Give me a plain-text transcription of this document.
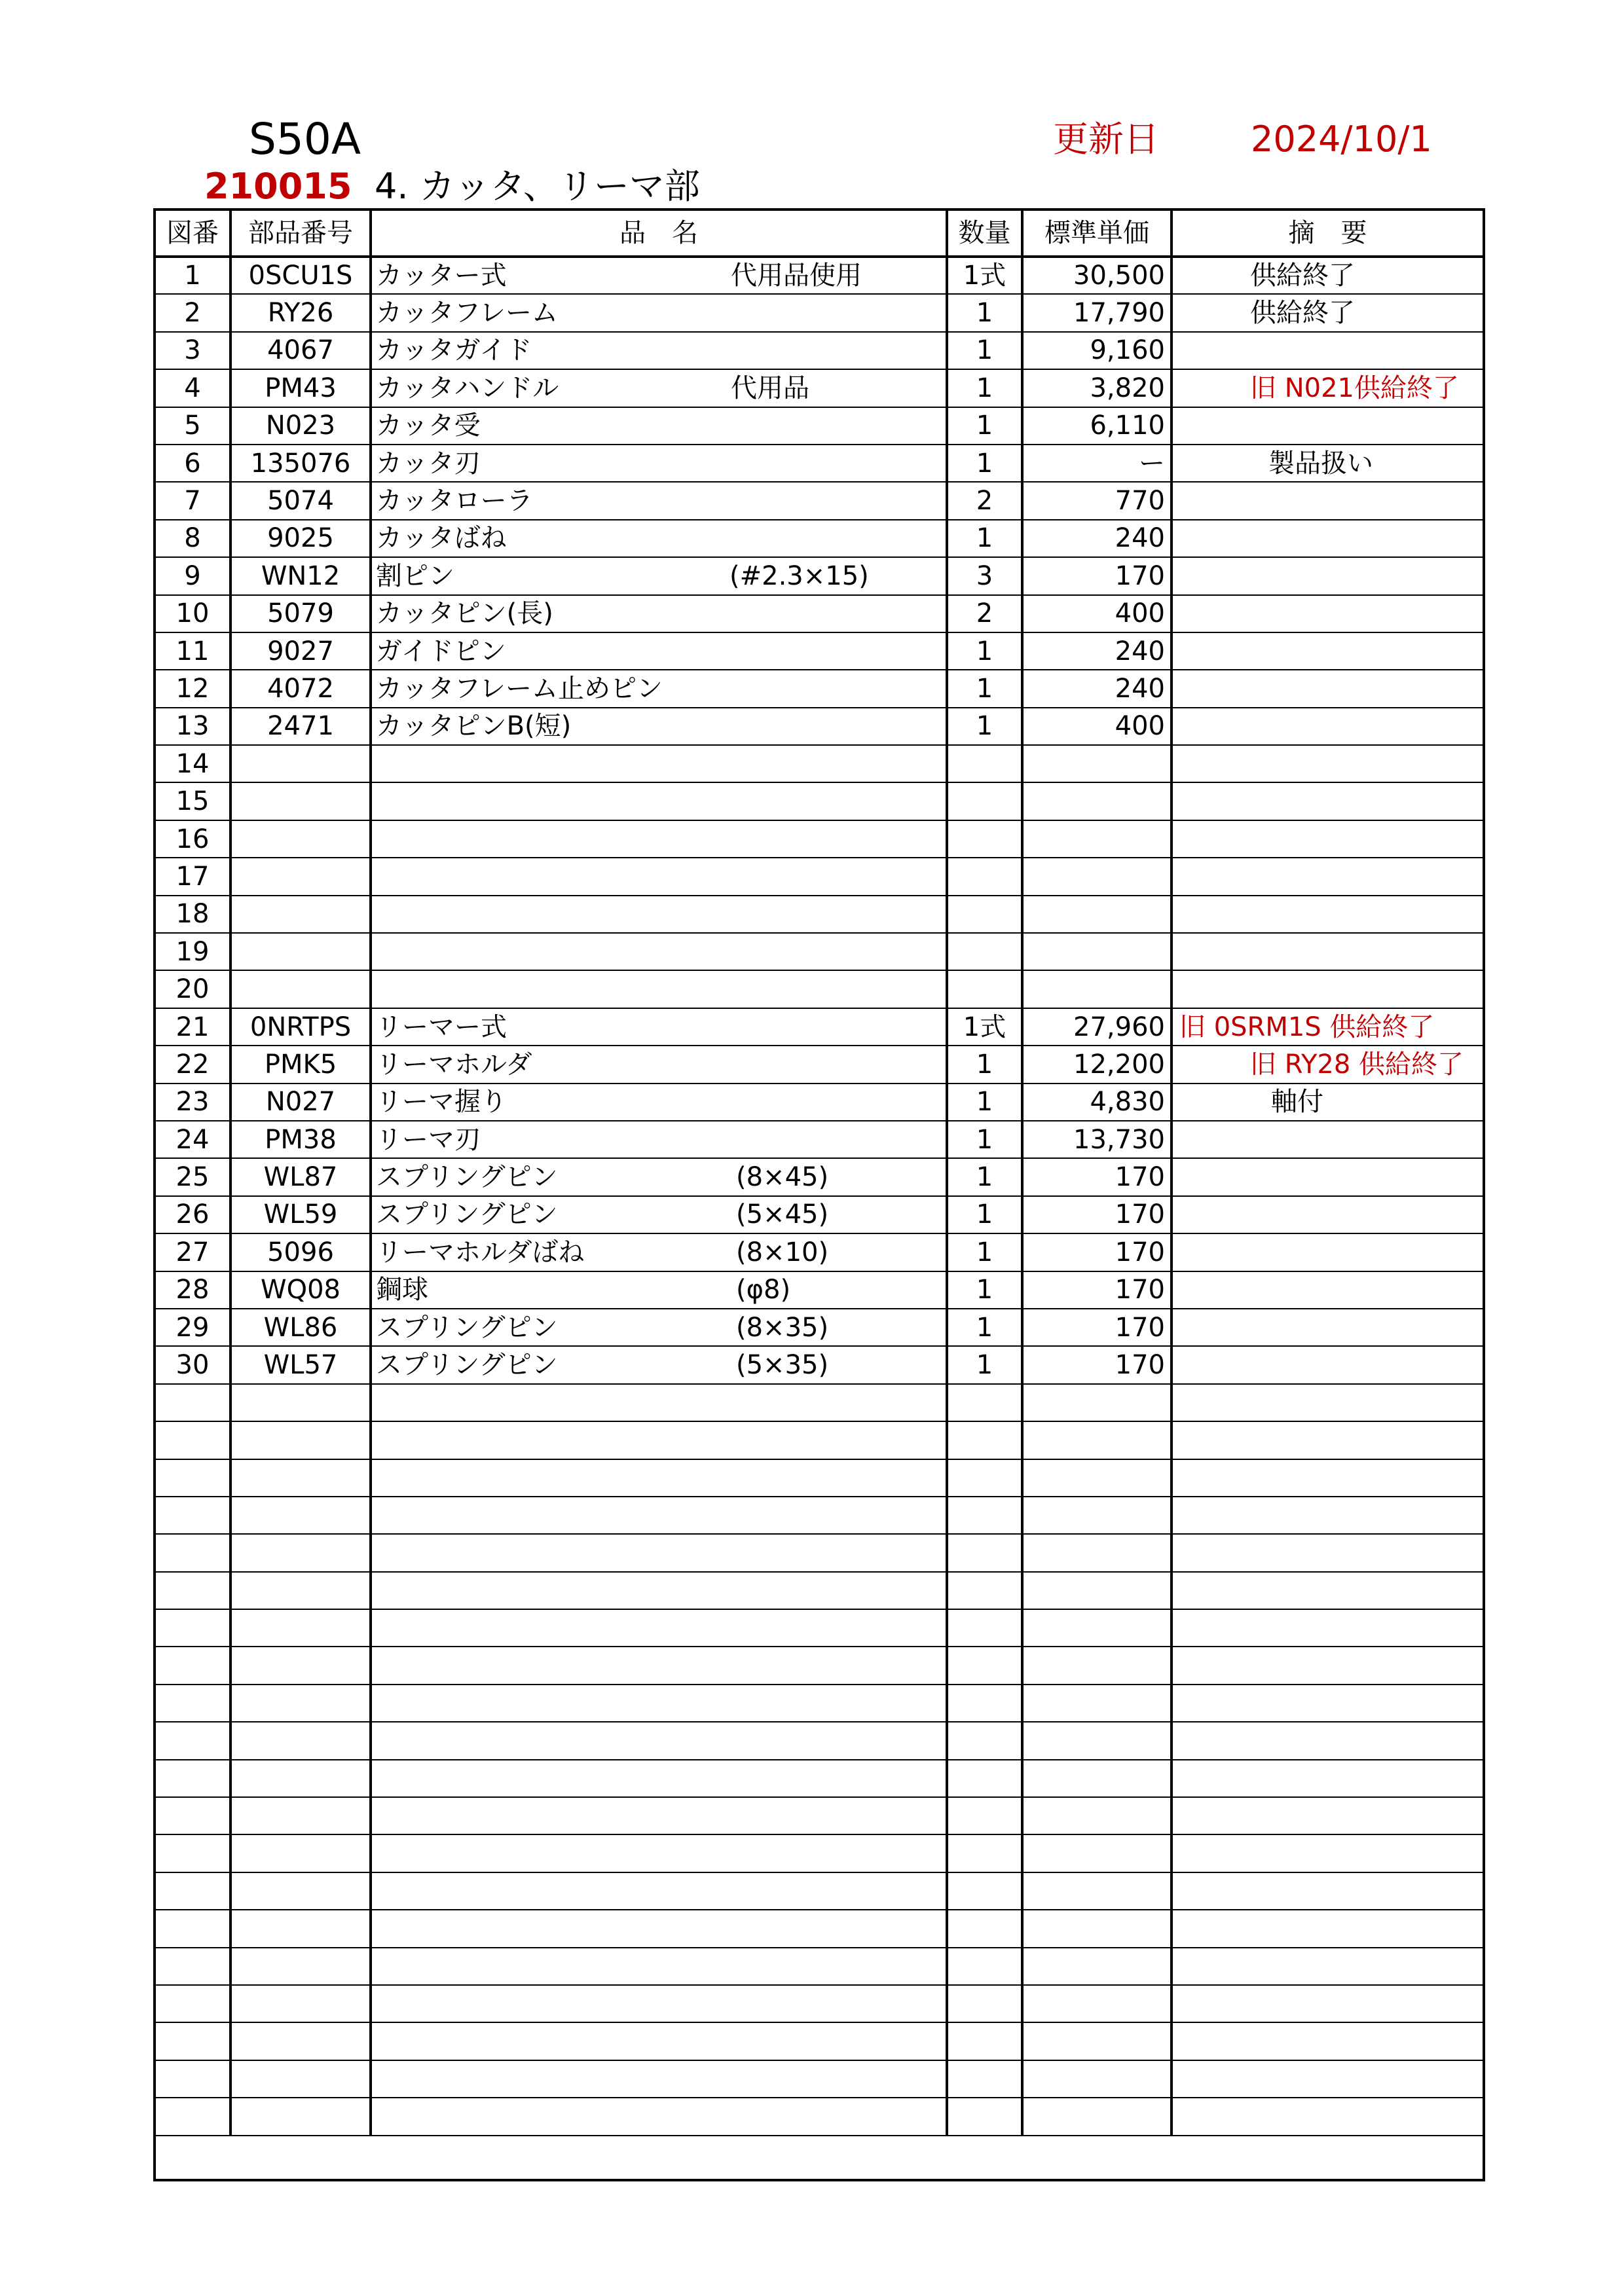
S50A	更新日	2024/10/1
210015 4. カッタ、リーマ部
図番	部品番号	品　名	数量	標準単価	摘　要
1	0SCU1S	カッター式 代用品使用	1式	30,500	供給終了
2	RY26	カッタフレーム	1	17,790	供給終了
3	4067	カッタガイド	1	9,160	
4	PM43	カッタハンドル 代用品	1	3,820	旧 N021供給終了
5	N023	カッタ受	1	6,110	
6	135076	カッタ刃	1	ー	製品扱い
7	5074	カッタローラ	2	770	
8	9025	カッタばね	1	240	
9	WN12	割ピン (#2.3×15)	3	170	
10	5079	カッタピン(長)	2	400	
11	9027	ガイドピン	1	240	
12	4072	カッタフレーム止めピン	1	240	
13	2471	カッタピンB(短)	1	400	
14		

15		

16		

17		

18		

19		

20		

21	0NRTPS	リーマー式	1式	27,960	旧 0SRM1S 供給終了
22	PMK5	リーマホルダ	1	12,200	旧 RY28 供給終了
23	N027	リーマ握り	1	4,830	軸付
24	PM38	リーマ刃	1	13,730	
25	WL87	スプリングピン (8×45)	1	170	
26	WL59	スプリングピン (5×45)	1	170	
27	5096	リーマホルダばね (8×10)	1	170	
28	WQ08	鋼球 (φ8)	1	170	
29	WL86	スプリングピン (8×35)	1	170	
30	WL57	スプリングピン (5×35)	1	170	
